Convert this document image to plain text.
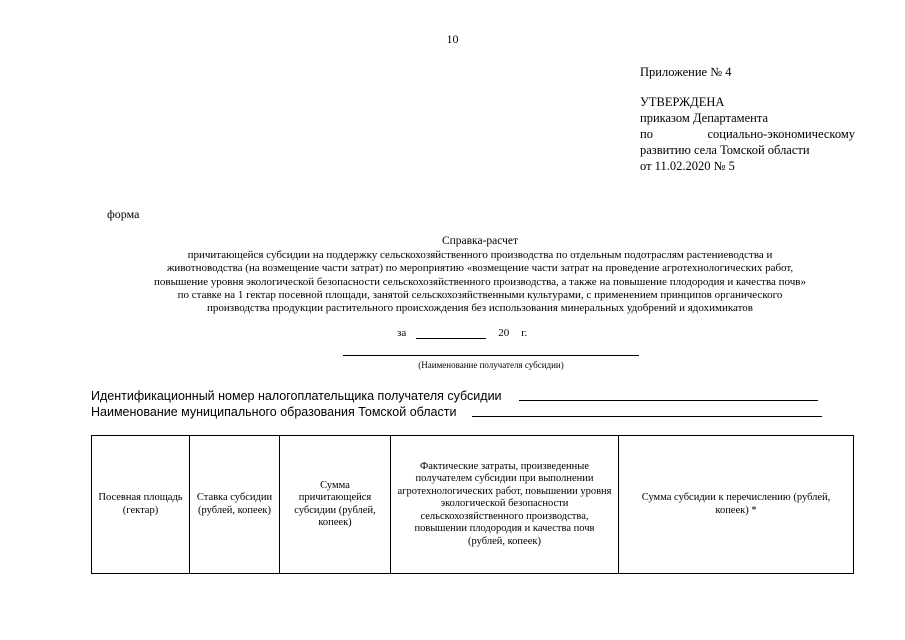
10
Приложение № 4
УТВЕРЖДЕНА
приказом Департамента
по	социально-экономическому
развитию села Томской области
от 11.02.2020 № 5
форма
Справка-расчет
причитающейся субсидии на поддержку сельскохозяйственного производства по отдельным подотраслям растениеводства и
животноводства (на возмещение части затрат) по мероприятию «возмещение части затрат на проведение агротехнологических работ,
повышение уровня экологической безопасности сельскохозяйственного производства, а также на повышение плодородия и качества почв»
по ставке на 1 гектар посевной площади, занятой сельскохозяйственными культурами, с применением принципов органического
производства продукции растительного происхождения без использования минеральных удобрений и ядохимикатов
за	20 г.
(Наименование получателя субсидии)
Идентификационный номер налогоплательщика получателя субсидии
Наименование муниципального образования Томской области
Посевная площадь (гектар)	Ставка субсидии (рублей, копеек)	Сумма причитающейся субсидии (рублей, копеек)	Фактические затраты, произведенные получателем субсидии при выполнении агротехнологических работ, повышении уровня экологической безопасности сельскохозяйственного производства, повышении плодородия и качества почв (рублей, копеек)	Сумма субсидии к перечислению (рублей, копеек) *
